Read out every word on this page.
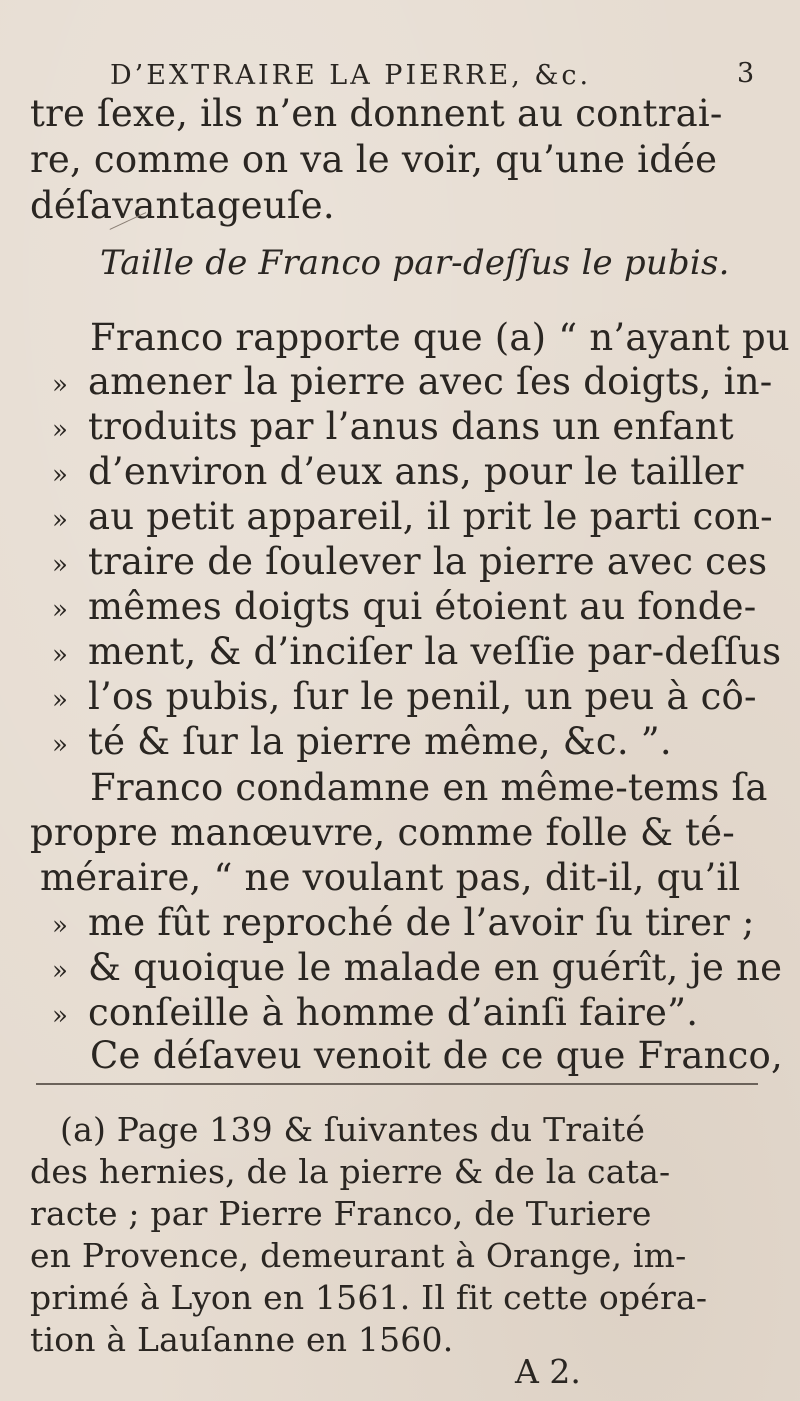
D’EXTRAIRE LA PIERRE, &c.	3
tre ſexe, ils n’en donnent au contrai-
re, comme on va le voir, qu’une idée
déſavantageuſe.
Taille de Franco par-deſſus le pubis.
Franco rapporte que (a) “ n’ayant pu
» amener la pierre avec ſes doigts, in-
» troduits par l’anus dans un enfant
» d’environ d’eux ans, pour le tailler
» au petit appareil, il prit le parti con-
» traire de ſoulever la pierre avec ces
» mêmes doigts qui étoient au fonde-
» ment, & d’inciſer la veſſie par-deſſus
» l’os pubis, ſur le penil, un peu à cô-
» té & ſur la pierre même, &c. ”.
Franco condamne en même-tems ſa
propre manœuvre, comme folle & té-
méraire, “ ne voulant pas, dit-il, qu’il
» me fût reproché de l’avoir ſu tirer ;
» & quoique le malade en guérît, je ne
» conſeille à homme d’ainſi faire”.
Ce déſaveu venoit de ce que Franco,
(a) Page 139 & ſuivantes du Traité
des hernies, de la pierre & de la cata-
racte ; par Pierre Franco, de Turiere
en Provence, demeurant à Orange, im-
primé à Lyon en 1561. Il fit cette opéra-
tion à Lauſanne en 1560.
A 2.
